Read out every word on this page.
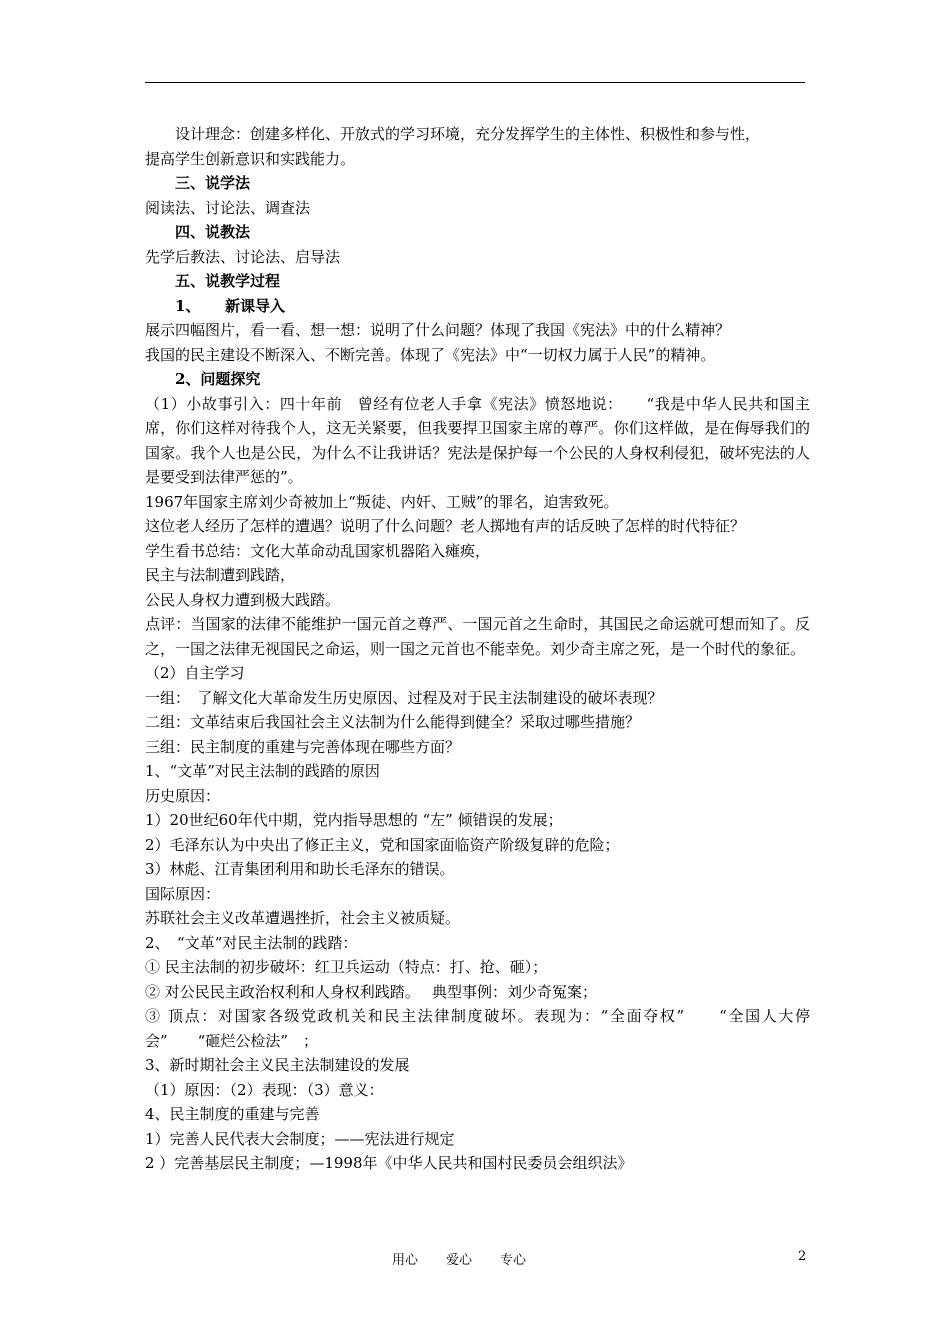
设计理念：创建多样化、开放式的学习环境，充分发挥学生的主体性、积极性和参与性，

提高学生创新意识和实践能力。

三、说学法

阅读法、讨论法、调查法

四、说教法

先学后教法、讨论法、启导法

五、说教学过程

1、 新课导入

展示四幅图片，看一看、想一想：说明了什么问题？体现了我国《宪法》中的什么精神？

我国的民主建设不断深入、不断完善。体现了《宪法》中“一切权力属于人民”的精神。

2、问题探究

（1）小故事引入：四十年前　曾经有位老人手拿《宪法》愤怒地说：　　“我是中华人民共和国主席，你们这样对待我个人，这无关紧要，但我要捍卫国家主席的尊严。你们这样做，是在侮辱我们的国家。我个人也是公民，为什么不让我讲话？宪法是保护每一个公民的人身权利侵犯，破坏宪法的人是要受到法律严惩的”。

1967年国家主席刘少奇被加上“叛徒、内奸、工贼”的罪名，迫害致死。

这位老人经历了怎样的遭遇？说明了什么问题？老人掷地有声的话反映了怎样的时代特征？

学生看书总结：文化大革命动乱国家机器陷入瘫痪，

民主与法制遭到践踏，

公民人身权力遭到极大践踏。

点评：当国家的法律不能维护一国元首之尊严、一国元首之生命时，其国民之命运就可想而知了。反之，一国之法律无视国民之命运，则一国之元首也不能幸免。刘少奇主席之死，是一个时代的象征。

（2）自主学习

一组：　了解文化大革命发生历史原因、过程及对于民主法制建设的破坏表现？

二组：文革结束后我国社会主义法制为什么能得到健全？采取过哪些措施？

三组：民主制度的重建与完善体现在哪些方面？

1、“文革”对民主法制的践踏的原因

历史原因：

1）20世纪60年代中期，党内指导思想的 “左” 倾错误的发展；

2）毛泽东认为中央出了修正主义，党和国家面临资产阶级复辟的危险；

3）林彪、江青集团利用和助长毛泽东的错误。

国际原因：

苏联社会主义改革遭遇挫折，社会主义被质疑。

2、　“文革”对民主法制的践踏：

① 民主法制的初步破坏：红卫兵运动（特点：打、抢、砸）；

② 对公民民主政治权利和人身权利践踏。　 典型事例：刘少奇冤案；

③ 顶点：对国家各级党政机关和民主法律制度破坏。表现为：“全面夺权”　　“全国人大停会”　　“砸烂公检法”　；

3、新时期社会主义民主法制建设的发展

（1）原因：（2）表现：（3）意义：

4、民主制度的重建与完善

1）完善人民代表大会制度；——宪法进行规定

2 ）完善基层民主制度；—1998年《中华人民共和国村民委员会组织法》

用心 爱心 专心	2
